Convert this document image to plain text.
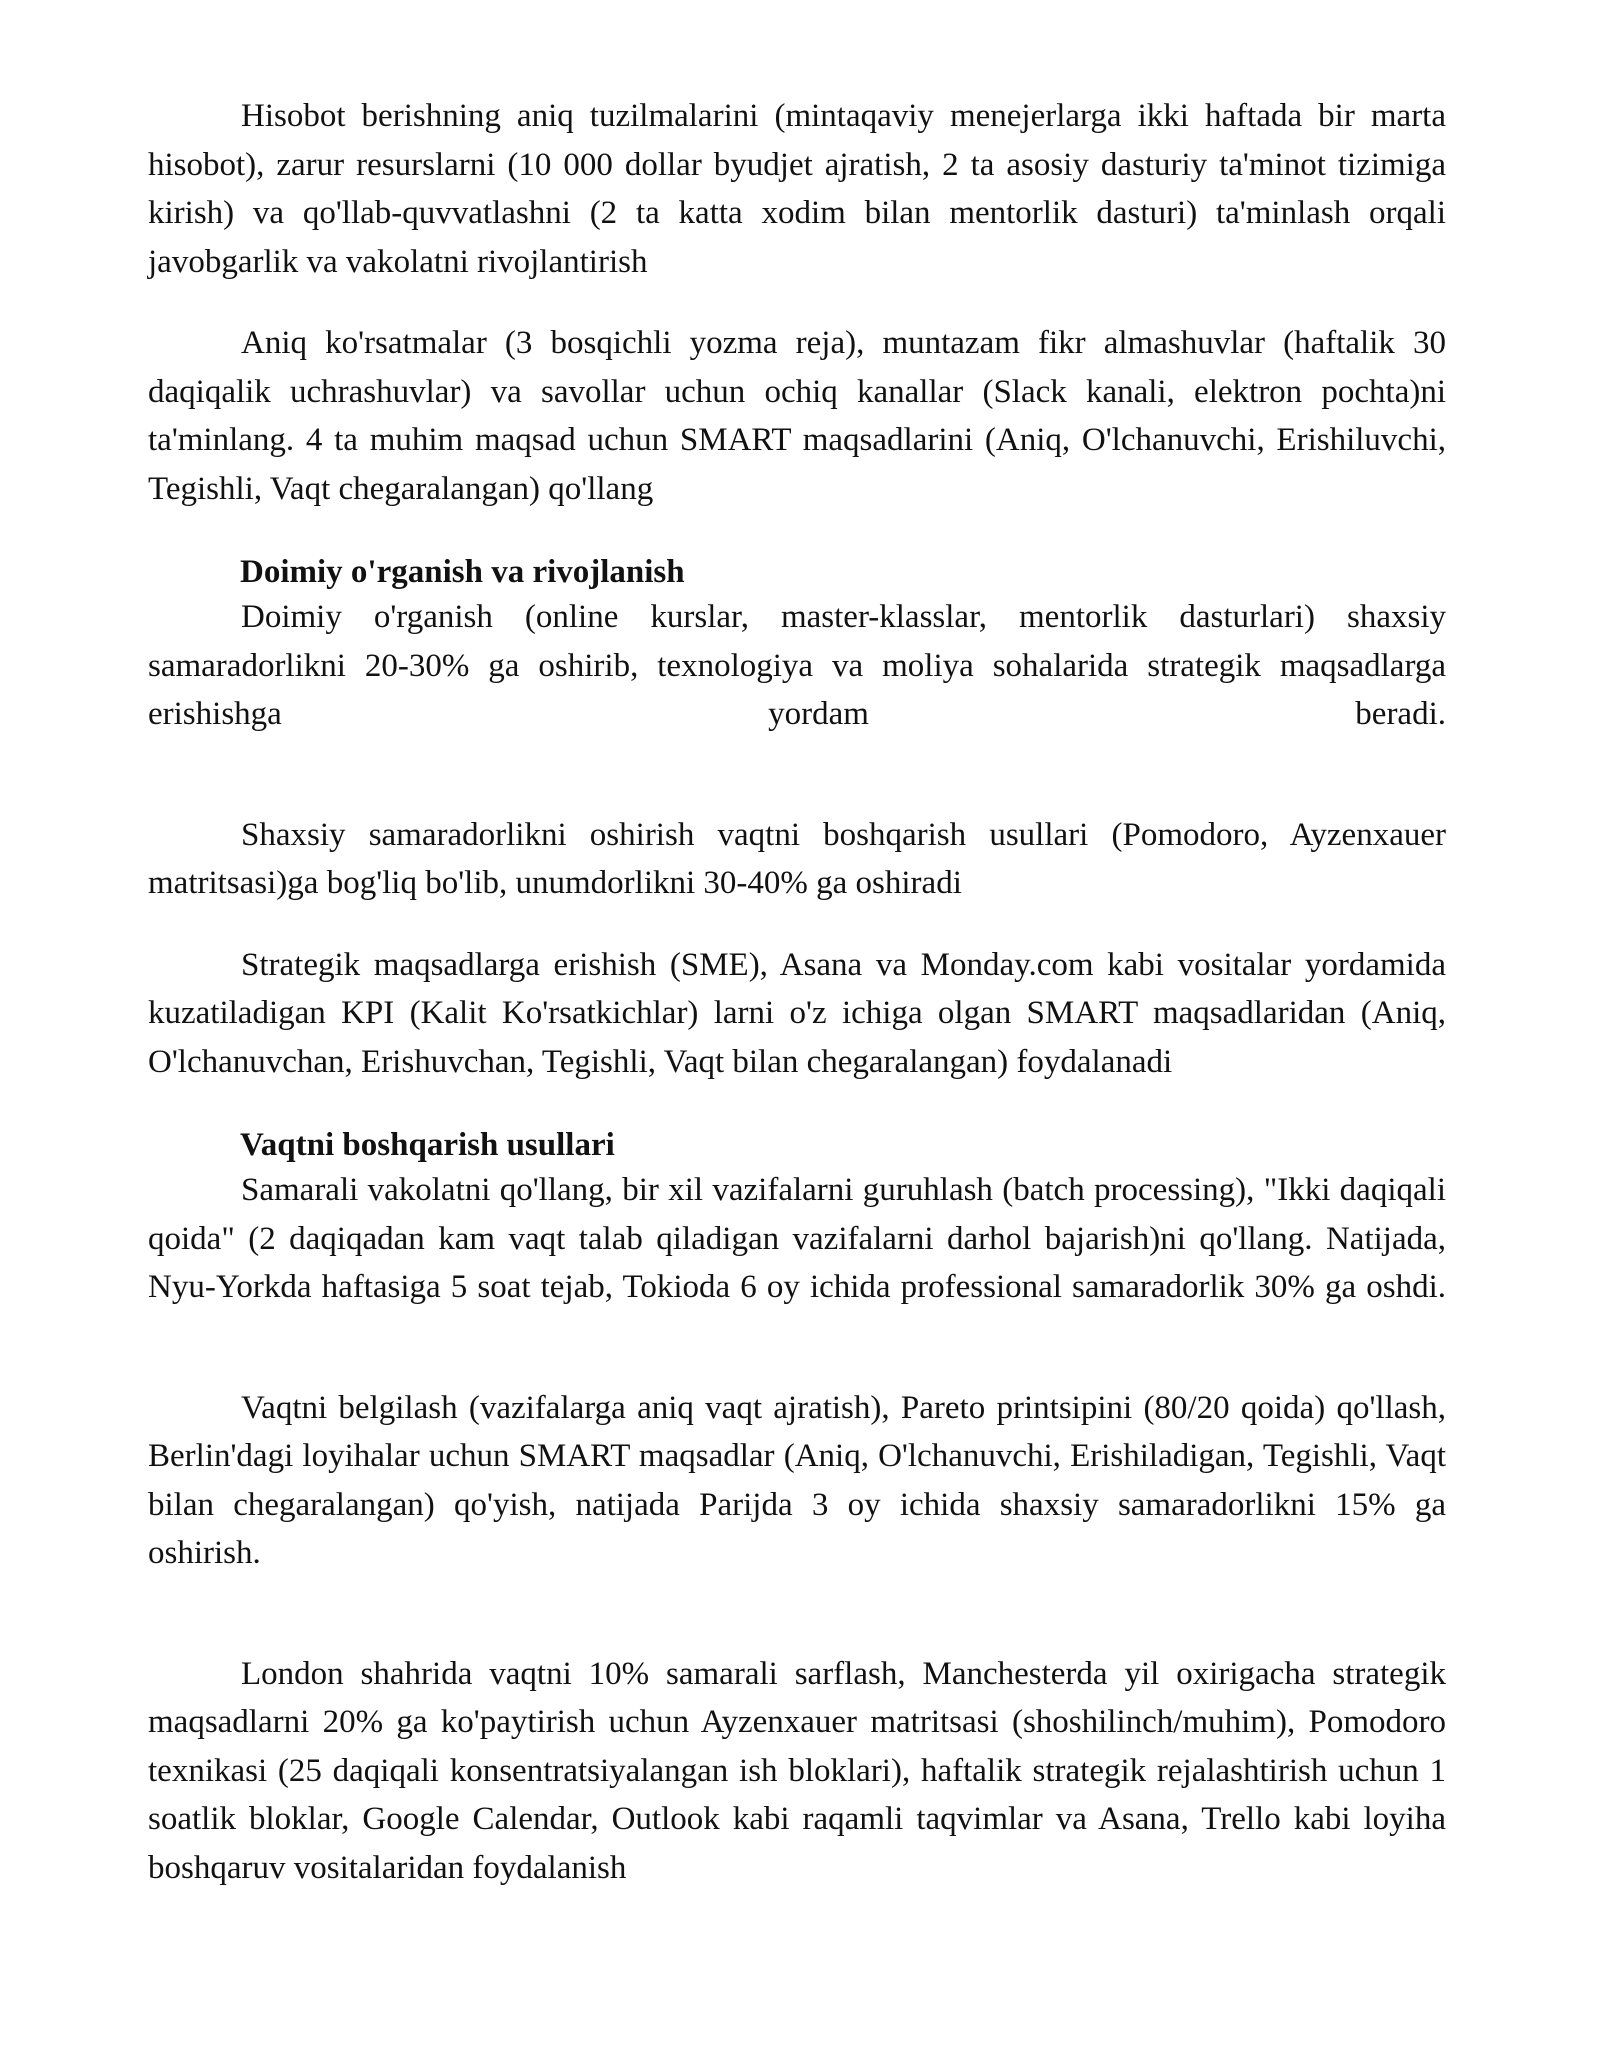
Hisobot berishning aniq tuzilmalarini (mintaqaviy menejerlarga ikki haftada bir marta hisobot), zarur resurslarni (10 000 dollar byudjet ajratish, 2 ta asosiy dasturiy ta'minot tizimiga kirish) va qo'llab-quvvatlashni (2 ta katta xodim bilan mentorlik dasturi) ta'minlash orqali javobgarlik va vakolatni rivojlantirish

Aniq ko'rsatmalar (3 bosqichli yozma reja), muntazam fikr almashuvlar (haftalik 30 daqiqalik uchrashuvlar) va savollar uchun ochiq kanallar (Slack kanali, elektron pochta)ni ta'minlang. 4 ta muhim maqsad uchun SMART maqsadlarini (Aniq, O'lchanuvchi, Erishiluvchi, Tegishli, Vaqt chegaralangan) qo'llang

Doimiy o'rganish va rivojlanish

Doimiy o'rganish (online kurslar, master-klasslar, mentorlik dasturlari) shaxsiy samaradorlikni 20-30% ga oshirib, texnologiya va moliya sohalarida strategik maqsadlarga erishishga yordam beradi.

Shaxsiy samaradorlikni oshirish vaqtni boshqarish usullari (Pomodoro, Ayzenxauer matritsasi)ga bog'liq bo'lib, unumdorlikni 30-40% ga oshiradi

Strategik maqsadlarga erishish (SME), Asana va Monday.com kabi vositalar yordamida kuzatiladigan KPI (Kalit Ko'rsatkichlar) larni o'z ichiga olgan SMART maqsadlaridan (Aniq, O'lchanuvchan, Erishuvchan, Tegishli, Vaqt bilan chegaralangan) foydalanadi

Vaqtni boshqarish usullari

Samarali vakolatni qo'llang, bir xil vazifalarni guruhlash (batch processing), "Ikki daqiqali qoida" (2 daqiqadan kam vaqt talab qiladigan vazifalarni darhol bajarish)ni qo'llang. Natijada, Nyu-Yorkda haftasiga 5 soat tejab, Tokioda 6 oy ichida professional samaradorlik 30% ga oshdi.

Vaqtni belgilash (vazifalarga aniq vaqt ajratish), Pareto printsipini (80/20 qoida) qo'llash, Berlin'dagi loyihalar uchun SMART maqsadlar (Aniq, O'lchanuvchi, Erishiladigan, Tegishli, Vaqt bilan chegaralangan) qo'yish, natijada Parijda 3 oy ichida shaxsiy samaradorlikni 15% ga oshirish.

London shahrida vaqtni 10% samarali sarflash, Manchesterda yil oxirigacha strategik maqsadlarni 20% ga ko'paytirish uchun Ayzenxauer matritsasi (shoshilinch/muhim), Pomodoro texnikasi (25 daqiqali konsentratsiyalangan ish bloklari), haftalik strategik rejalashtirish uchun 1 soatlik bloklar, Google Calendar, Outlook kabi raqamli taqvimlar va Asana, Trello kabi loyiha boshqaruv vositalaridan foydalanish
